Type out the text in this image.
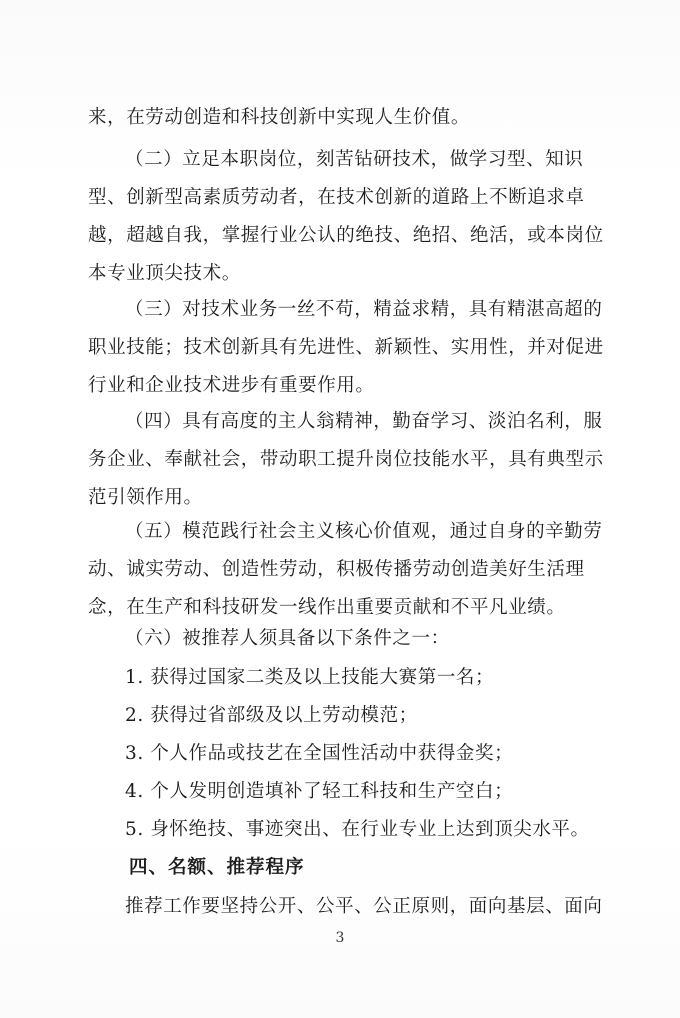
来，在劳动创造和科技创新中实现人生价值。
（二）立足本职岗位，刻苦钻研技术，做学习型、知识型、创新型高素质劳动者，在技术创新的道路上不断追求卓越，超越自我，掌握行业公认的绝技、绝招、绝活，或本岗位本专业顶尖技术。
（三）对技术业务一丝不苟，精益求精，具有精湛高超的职业技能；技术创新具有先进性、新颖性、实用性，并对促进行业和企业技术进步有重要作用。
（四）具有高度的主人翁精神，勤奋学习、淡泊名利，服务企业、奉献社会，带动职工提升岗位技能水平，具有典型示范引领作用。
（五）模范践行社会主义核心价值观，通过自身的辛勤劳动、诚实劳动、创造性劳动，积极传播劳动创造美好生活理念，在生产和科技研发一线作出重要贡献和不平凡业绩。
（六）被推荐人须具备以下条件之一：
1. 获得过国家二类及以上技能大赛第一名；
2. 获得过省部级及以上劳动模范；
3. 个人作品或技艺在全国性活动中获得金奖；
4. 个人发明创造填补了轻工科技和生产空白；
5. 身怀绝技、事迹突出、在行业专业上达到顶尖水平。
四、名额、推荐程序
推荐工作要坚持公开、公平、公正原则，面向基层、面向
3
